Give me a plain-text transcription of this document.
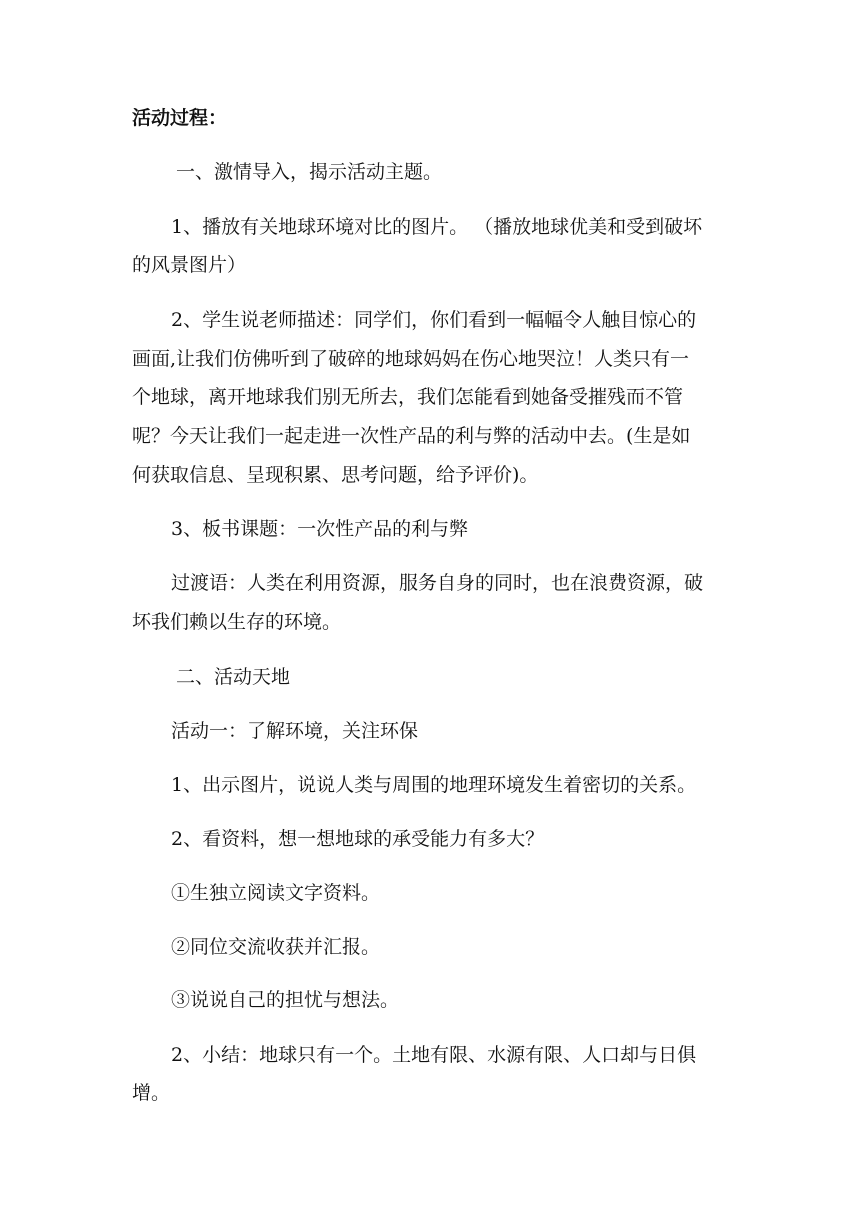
活动过程：
一、激情导入，揭示活动主题。
1、播放有关地球环境对比的图片。 （播放地球优美和受到破坏
的风景图片）
2、学生说老师描述：同学们，你们看到一幅幅令人触目惊心的
画面,让我们仿佛听到了破碎的地球妈妈在伤心地哭泣！人类只有一
个地球，离开地球我们别无所去，我们怎能看到她备受摧残而不管
呢？今天让我们一起走进一次性产品的利与弊的活动中去。(生是如
何获取信息、呈现积累、思考问题，给予评价)。
3、板书课题：一次性产品的利与弊
过渡语：人类在利用资源，服务自身的同时，也在浪费资源，破
坏我们赖以生存的环境。
二、活动天地
活动一：了解环境，关注环保
1、出示图片，说说人类与周围的地理环境发生着密切的关系。
2、看资料，想一想地球的承受能力有多大？
①生独立阅读文字资料。
②同位交流收获并汇报。
③说说自己的担忧与想法。
2、小结：地球只有一个。土地有限、水源有限、人口却与日俱
增。
